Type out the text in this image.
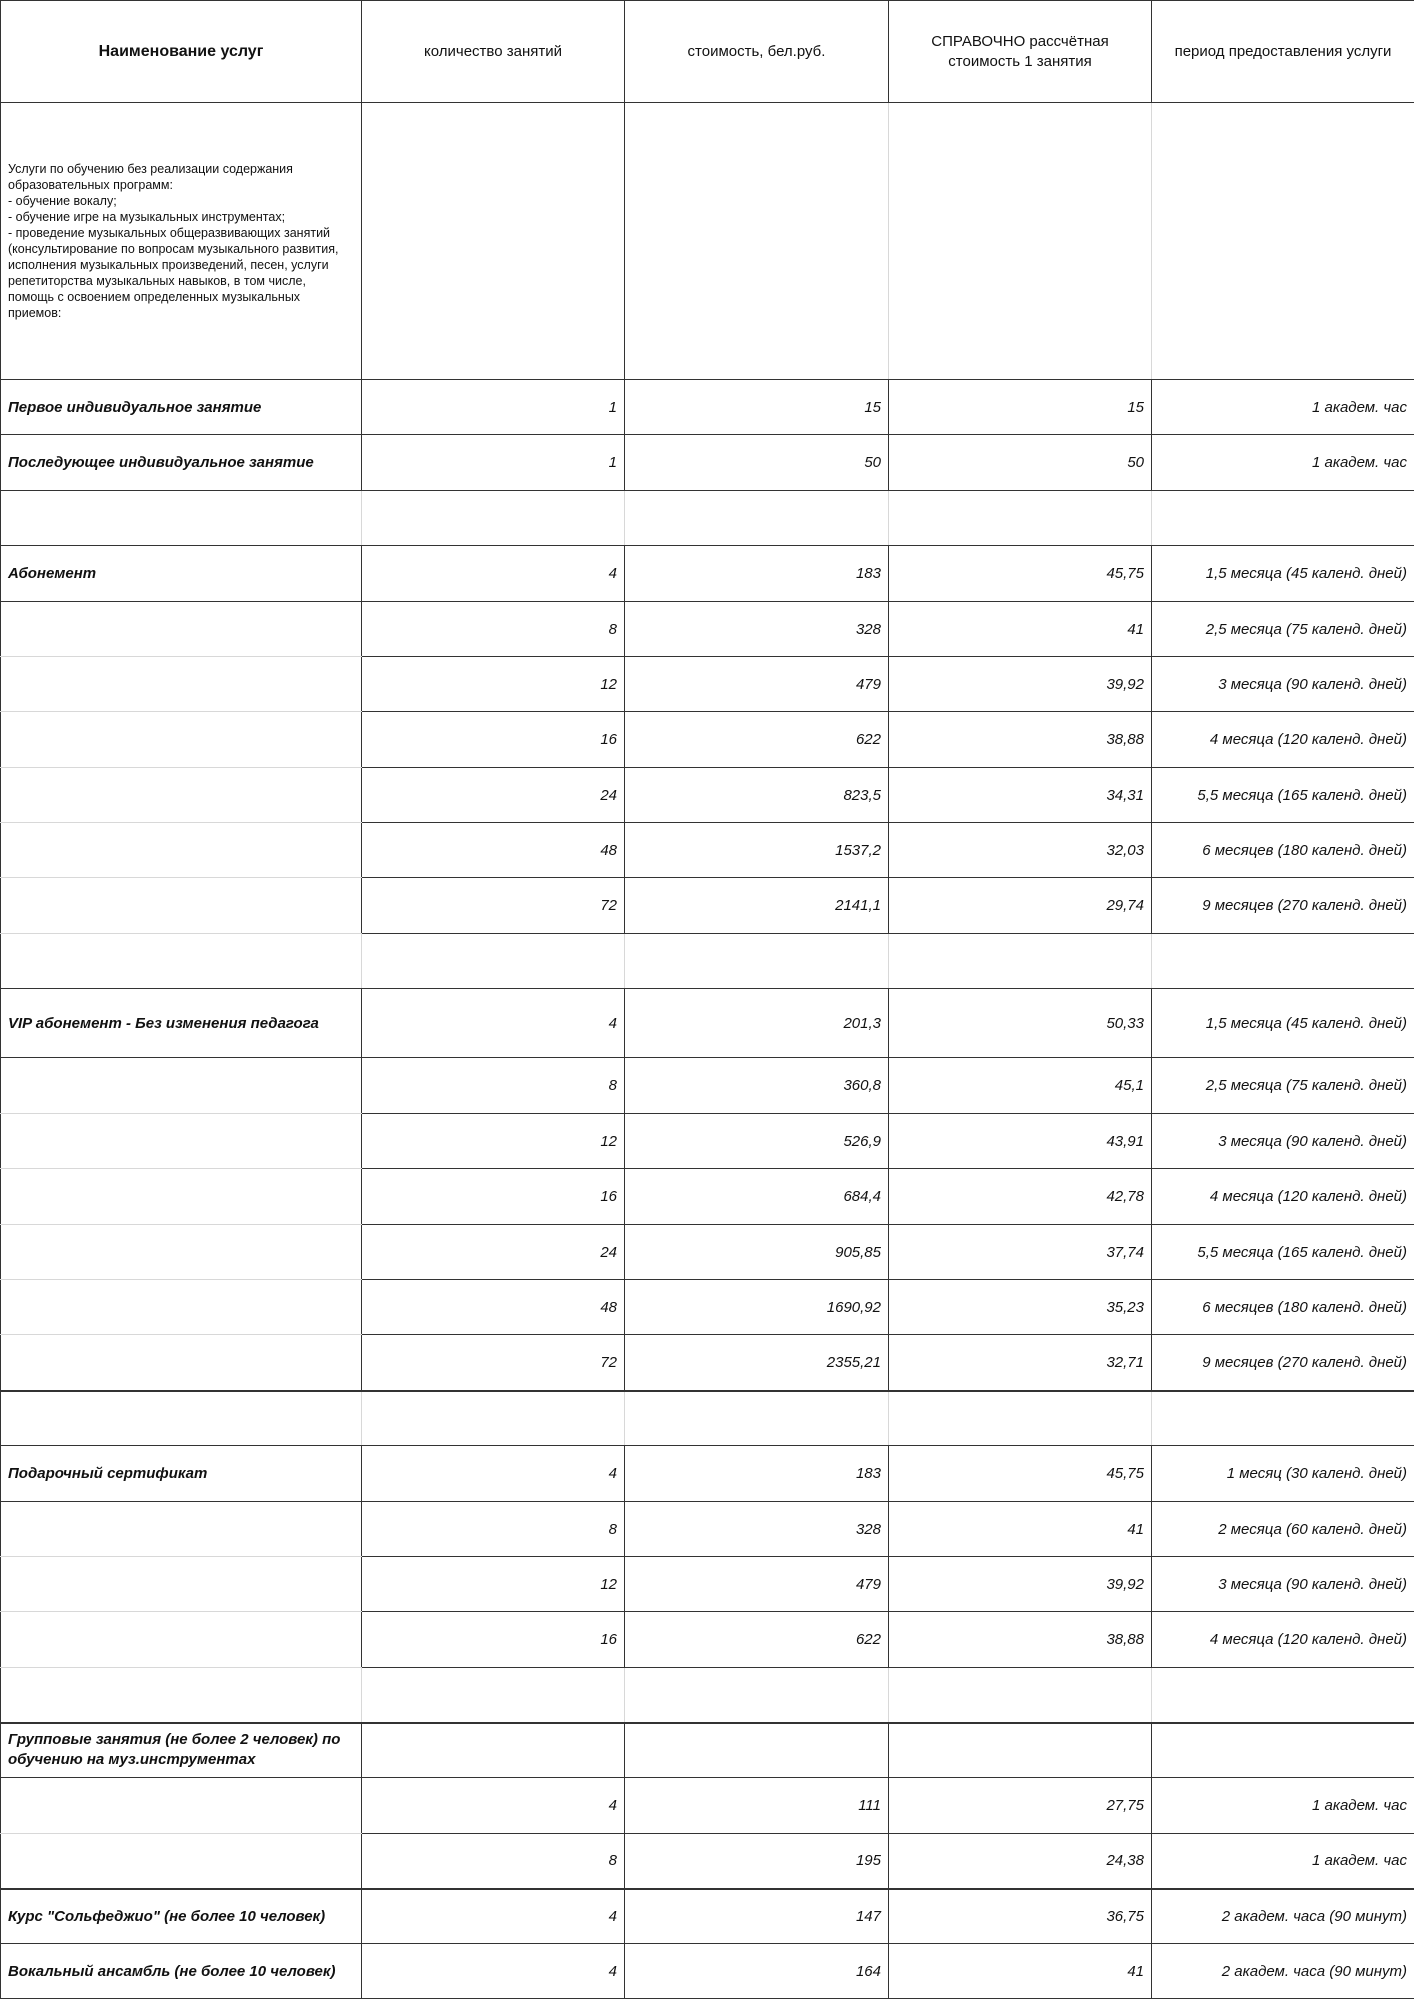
Наименование услуг	количество занятий	стоимость, бел.руб.	СПРАВОЧНО рассчётная стоимость 1 занятия	период предоставления услуги

Услуги по обучению без реализации содержания образовательных программ:
- обучение вокалу;
- обучение игре на музыкальных инструментах;
- проведение музыкальных общеразвивающих занятий (консультирование по вопросам музыкального развития, исполнения музыкальных произведений, песен, услуги репетиторства музыкальных навыков, в том числе, помощь с освоением определенных музыкальных приемов:				

Первое индивидуальное занятие	1	15	15	1 академ. час
Последующее индивидуальное занятие	1	50	50	1 академ. час

Абонемент	4	183	45,75	1,5 месяца (45 календ. дней)
	8	328	41	2,5 месяца (75 календ. дней)
	12	479	39,92	3 месяца (90 календ. дней)
	16	622	38,88	4 месяца (120 календ. дней)
	24	823,5	34,31	5,5 месяца (165 календ. дней)
	48	1537,2	32,03	6 месяцев (180 календ. дней)
	72	2141,1	29,74	9 месяцев (270 календ. дней)

VIP абонемент - Без изменения педагога	4	201,3	50,33	1,5 месяца (45 календ. дней)
	8	360,8	45,1	2,5 месяца (75 календ. дней)
	12	526,9	43,91	3 месяца (90 календ. дней)
	16	684,4	42,78	4 месяца (120 календ. дней)
	24	905,85	37,74	5,5 месяца (165 календ. дней)
	48	1690,92	35,23	6 месяцев (180 календ. дней)
	72	2355,21	32,71	9 месяцев (270 календ. дней)

Подарочный сертификат	4	183	45,75	1 месяц (30 календ. дней)
	8	328	41	2 месяца (60 календ. дней)
	12	479	39,92	3 месяца (90 календ. дней)
	16	622	38,88	4 месяца (120 календ. дней)

Групповые занятия (не более 2 человек) по обучению на муз.инструментах				
	4	111	27,75	1 академ. час
	8	195	24,38	1 академ. час
Курс "Сольфеджио" (не более 10 человек)	4	147	36,75	2 академ. часа (90 минут)
Вокальный ансамбль (не более 10 человек)	4	164	41	2 академ. часа (90 минут)
